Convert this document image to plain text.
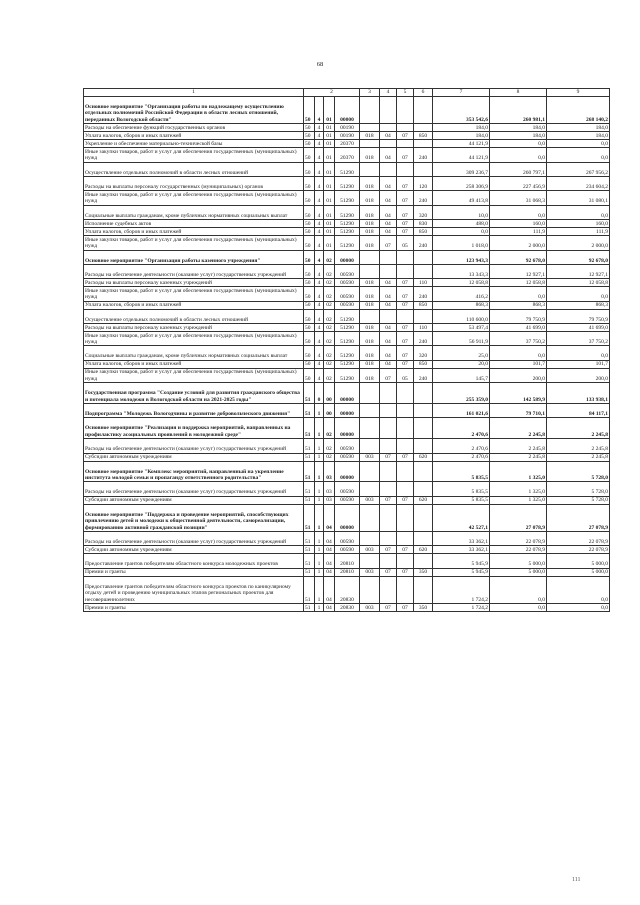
68
1	2				3	4	5	6	7	8	9
Основное мероприятие "Организация работы по надлежащему осуществлению отдельных полномочий Российской Федерации в области лесных отношений, переданных Вологодской области"	50	4	01	00000					353 542,6	260 981,1	268 140,2
Расходы на обеспечение функций государственных органов	50	4	01	00190					184,0	184,0	184,0
Уплата налогов, сборов и иных платежей	50	4	01	00190	018	04	07	850	184,0	184,0	184,0
Укрепление и обеспечение материально-технической базы	50	4	01	20370					44 121,9	0,0	0,0
Иные закупки товаров, работ и услуг для обеспечения государственных (муниципальных) нужд	50	4	01	20370	018	04	07	240	44 121,9	0,0	0,0
Осуществление отдельных полномочий в области лесных отношений	50	4	01	51290					309 236,7	260 797,1	267 956,2
Расходы на выплаты персоналу государственных (муниципальных) органов	50	4	01	51290	018	04	07	120	258 306,9	227 456,9	234 604,2
Иные закупки товаров, работ и услуг для обеспечения государственных (муниципальных) нужд	50	4	01	51290	018	04	07	240	49 413,8	31 068,3	31 080,1
Социальные выплаты гражданам, кроме публичных нормативных социальных выплат	50	4	01	51290	018	04	07	320	10,0	0,0	0,0
Исполнение судебных актов	50	4	01	51290	018	04	07	830	488,0	160,0	160,0
Уплата налогов, сборов и иных платежей	50	4	01	51290	018	04	07	850	0,0	111,9	111,9
Иные закупки товаров, работ и услуг для обеспечения государственных (муниципальных) нужд	50	4	01	51290	018	07	05	240	1 018,0	2 000,0	2 000,0
Основное мероприятие "Организация работы казенного учреждения"	50	4	02	00000					123 943,3	92 678,0	92 678,0
Расходы на обеспечение деятельности (оказание услуг) государственных учреждений	50	4	02	00590					13 343,3	12 927,1	12 927,1
Расходы на выплаты персоналу казенных учреждений	50	4	02	00590	018	04	07	110	12 058,8	12 058,8	12 058,8
Иные закупки товаров, работ и услуг для обеспечения государственных (муниципальных) нужд	50	4	02	00590	018	04	07	240	416,2	0,0	0,0
Уплата налогов, сборов и иных платежей	50	4	02	00590	018	04	07	850	868,3	868,3	868,3
Осуществление отдельных полномочий в области лесных отношений	50	4	02	51290					110 600,0	79 750,9	79 750,9
Расходы на выплаты персоналу казенных учреждений	50	4	02	51290	018	04	07	110	53 497,4	41 699,0	41 699,0
Иные закупки товаров, работ и услуг для обеспечения государственных (муниципальных) нужд	50	4	02	51290	018	04	07	240	56 911,9	37 750,2	37 750,2
Социальные выплаты гражданам, кроме публичных нормативных социальных выплат	50	4	02	51290	018	04	07	320	25,0	0,0	0,0
Уплата налогов, сборов и иных платежей	50	4	02	51290	018	04	07	850	20,0	101,7	101,7
Иные закупки товаров, работ и услуг для обеспечения государственных (муниципальных) нужд	50	4	02	51290	018	07	05	240	145,7	200,0	200,0
Государственная программа "Создание условий для развития гражданского общества и потенциала молодежи в Вологодской области на 2021-2025 годы"	51	0	00	00000					255 359,0	142 589,9	133 938,1
Подпрограмма "Молодежь Вологодчины и развитие добровольческого движения"	51	1	00	00000					161 021,6	79 710,1	84 117,1
Основное мероприятие "Реализация и поддержка мероприятий, направленных на профилактику асоциальных проявлений в молодежной среде"	51	1	02	00000					2 470,6	2 245,8	2 245,8
Расходы на обеспечение деятельности (оказание услуг) государственных учреждений	51	1	02	00590					2 470,6	2 245,8	2 245,8
Субсидии автономным учреждениям	51	1	02	00590	003	07	07	620	2 470,6	2 245,8	2 245,8
Основное мероприятие "Комплекс мероприятий, направленный на укрепление института молодой семьи и пропаганду ответственного родительства"	51	1	03	00000					5 835,5	1 325,0	5 728,0
Расходы на обеспечение деятельности (оказание услуг) государственных учреждений	51	1	03	00590					5 835,5	1 325,0	5 728,0
Субсидии автономным учреждениям	51	1	03	00590	003	07	07	620	5 835,5	1 325,0	5 728,0
Основное мероприятие "Поддержка и проведение мероприятий, способствующих привлечению детей и молодежи к общественной деятельности, самореализации, формированию активной гражданской позиции"	51	1	04	00000					42 527,1	27 078,9	27 078,9
Расходы на обеспечение деятельности (оказание услуг) государственных учреждений	51	1	04	00590					33 362,1	22 078,9	22 078,9
Субсидии автономным учреждениям	51	1	04	00590	003	07	07	620	33 362,1	22 078,9	22 078,9
Предоставление грантов победителям областного конкурса молодежных проектов	51	1	04	20810					5 945,9	5 000,0	5 000,0
Премии и гранты	51	1	04	20810	003	07	07	350	5 945,9	5 000,0	5 000,0
Предоставление грантов победителям областного конкурса проектов по каникулярному отдыху детей и проведению муниципальных этапов региональных проектов для несовершеннолетних	51	1	04	20830					1 724,2	0,0	0,0
Премии и гранты	51	1	04	20830	003	07	07	350	1 724,2	0,0	0,0
111
